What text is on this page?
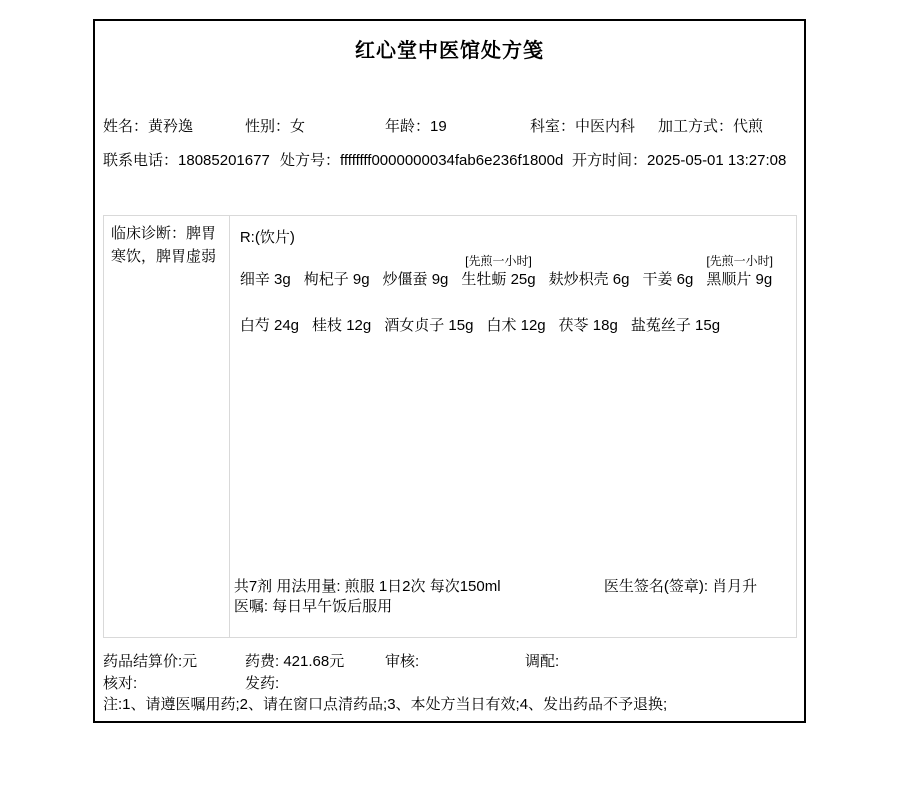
红心堂中医馆处方笺
姓名：黄矜逸	性别：女	年龄：19	科室：中医内科 加工方式：代煎
联系电话：18085201677 处方号：ffffffff0000000034fab6e236f1800d 开方时间：2025-05-01 13:27:08
临床诊断：脾胃寒饮，脾胃虚弱
R:(饮片)
细辛 3g 枸杞子 9g 炒僵蚕 9g
[先煎一小时]
生牡蛎 25g 麸炒枳壳 6g 干姜 6g
[先煎一小时]
黑顺片 9g
白芍 24g 桂枝 12g 酒女贞子 15g 白术 12g 茯苓 18g 盐菟丝子 15g
共7剂 用法用量: 煎服 1日2次 每次150ml	医生签名(签章): 肖月升
医嘱: 每日早午饭后服用
药品结算价:元	药费: 421.68元	审核:	调配:
核对:	发药:
注:1、请遵医嘱用药;2、请在窗口点清药品;3、本处方当日有效;4、发出药品不予退换;
